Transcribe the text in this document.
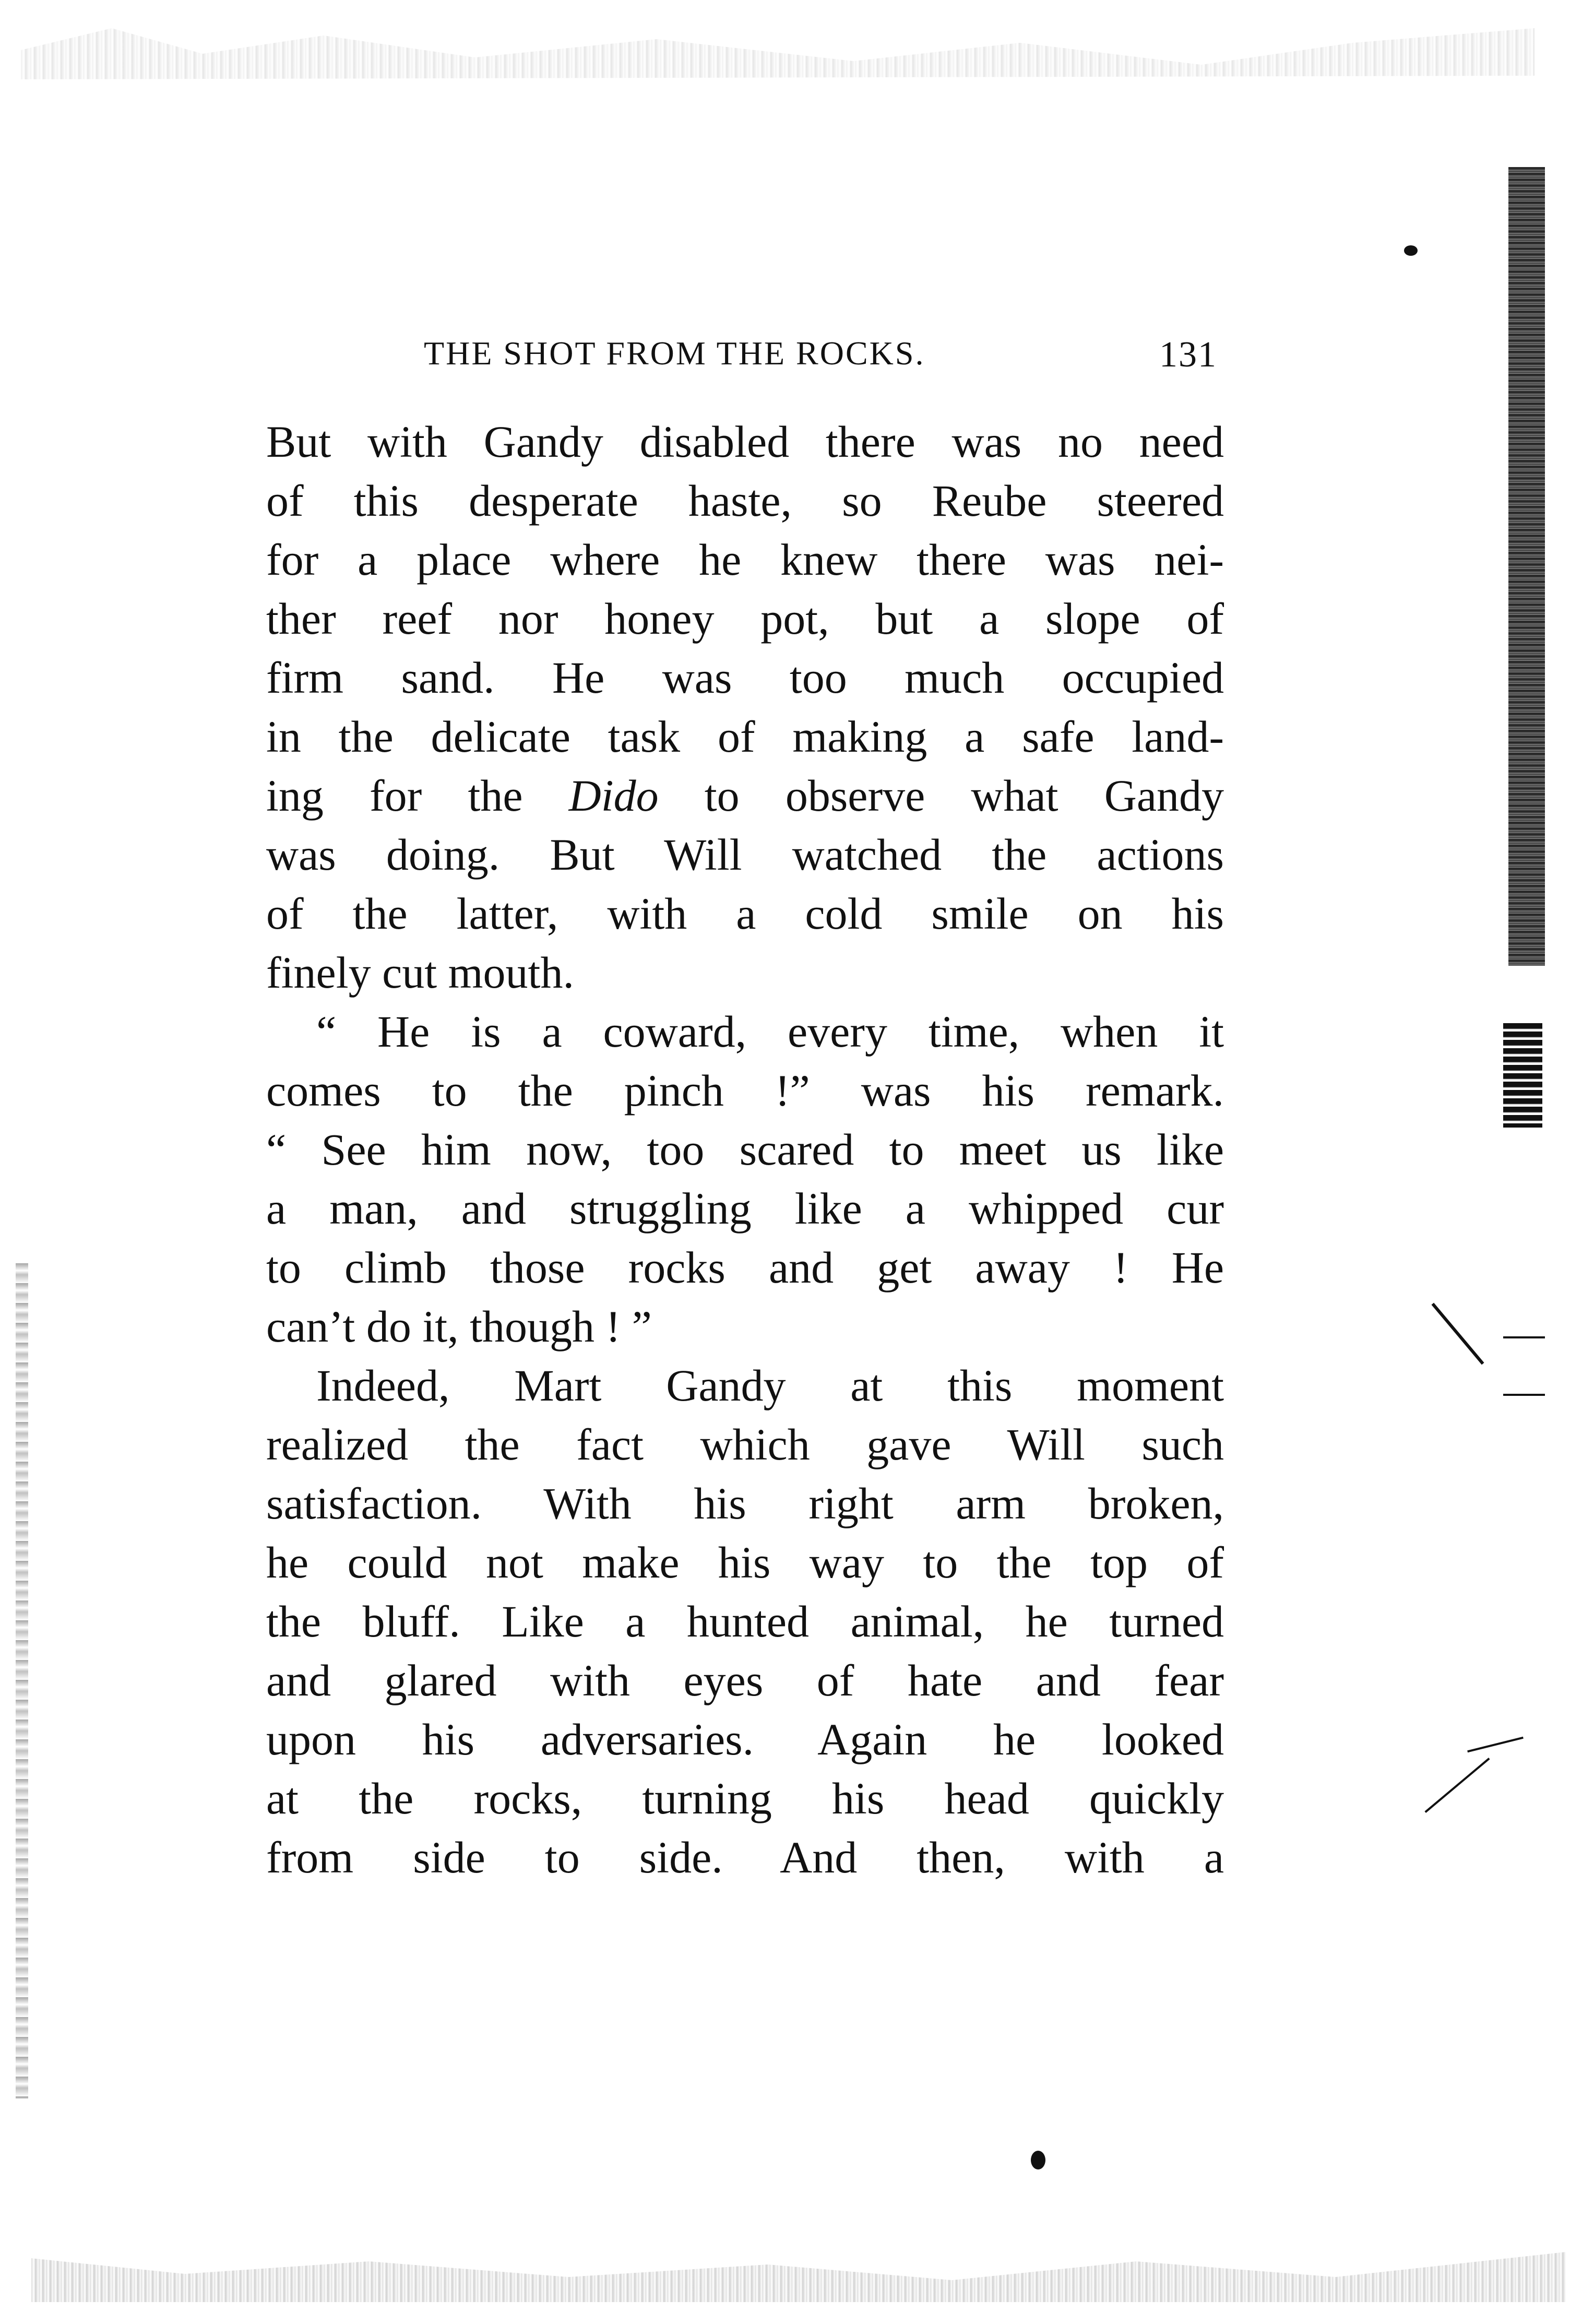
THE SHOT FROM THE ROCKS.	131
But with Gandy disabled there was no need
of this desperate haste, so Reube steered
for a place where he knew there was nei-
ther reef nor honey pot, but a slope of
firm sand. He was too much occupied
in the delicate task of making a safe land-
ing for the Dido to observe what Gandy
was doing. But Will watched the actions
of the latter, with a cold smile on his
finely cut mouth.
“ He is a coward, every time, when it
comes to the pinch !” was his remark.
“ See him now, too scared to meet us like
a man, and struggling like a whipped cur
to climb those rocks and get away ! He
can’t do it, though ! ”
Indeed, Mart Gandy at this moment
realized the fact which gave Will such
satisfaction. With his right arm broken,
he could not make his way to the top of
the bluff. Like a hunted animal, he turned
and glared with eyes of hate and fear
upon his adversaries. Again he looked
at the rocks, turning his head quickly
from side to side. And then, with a
